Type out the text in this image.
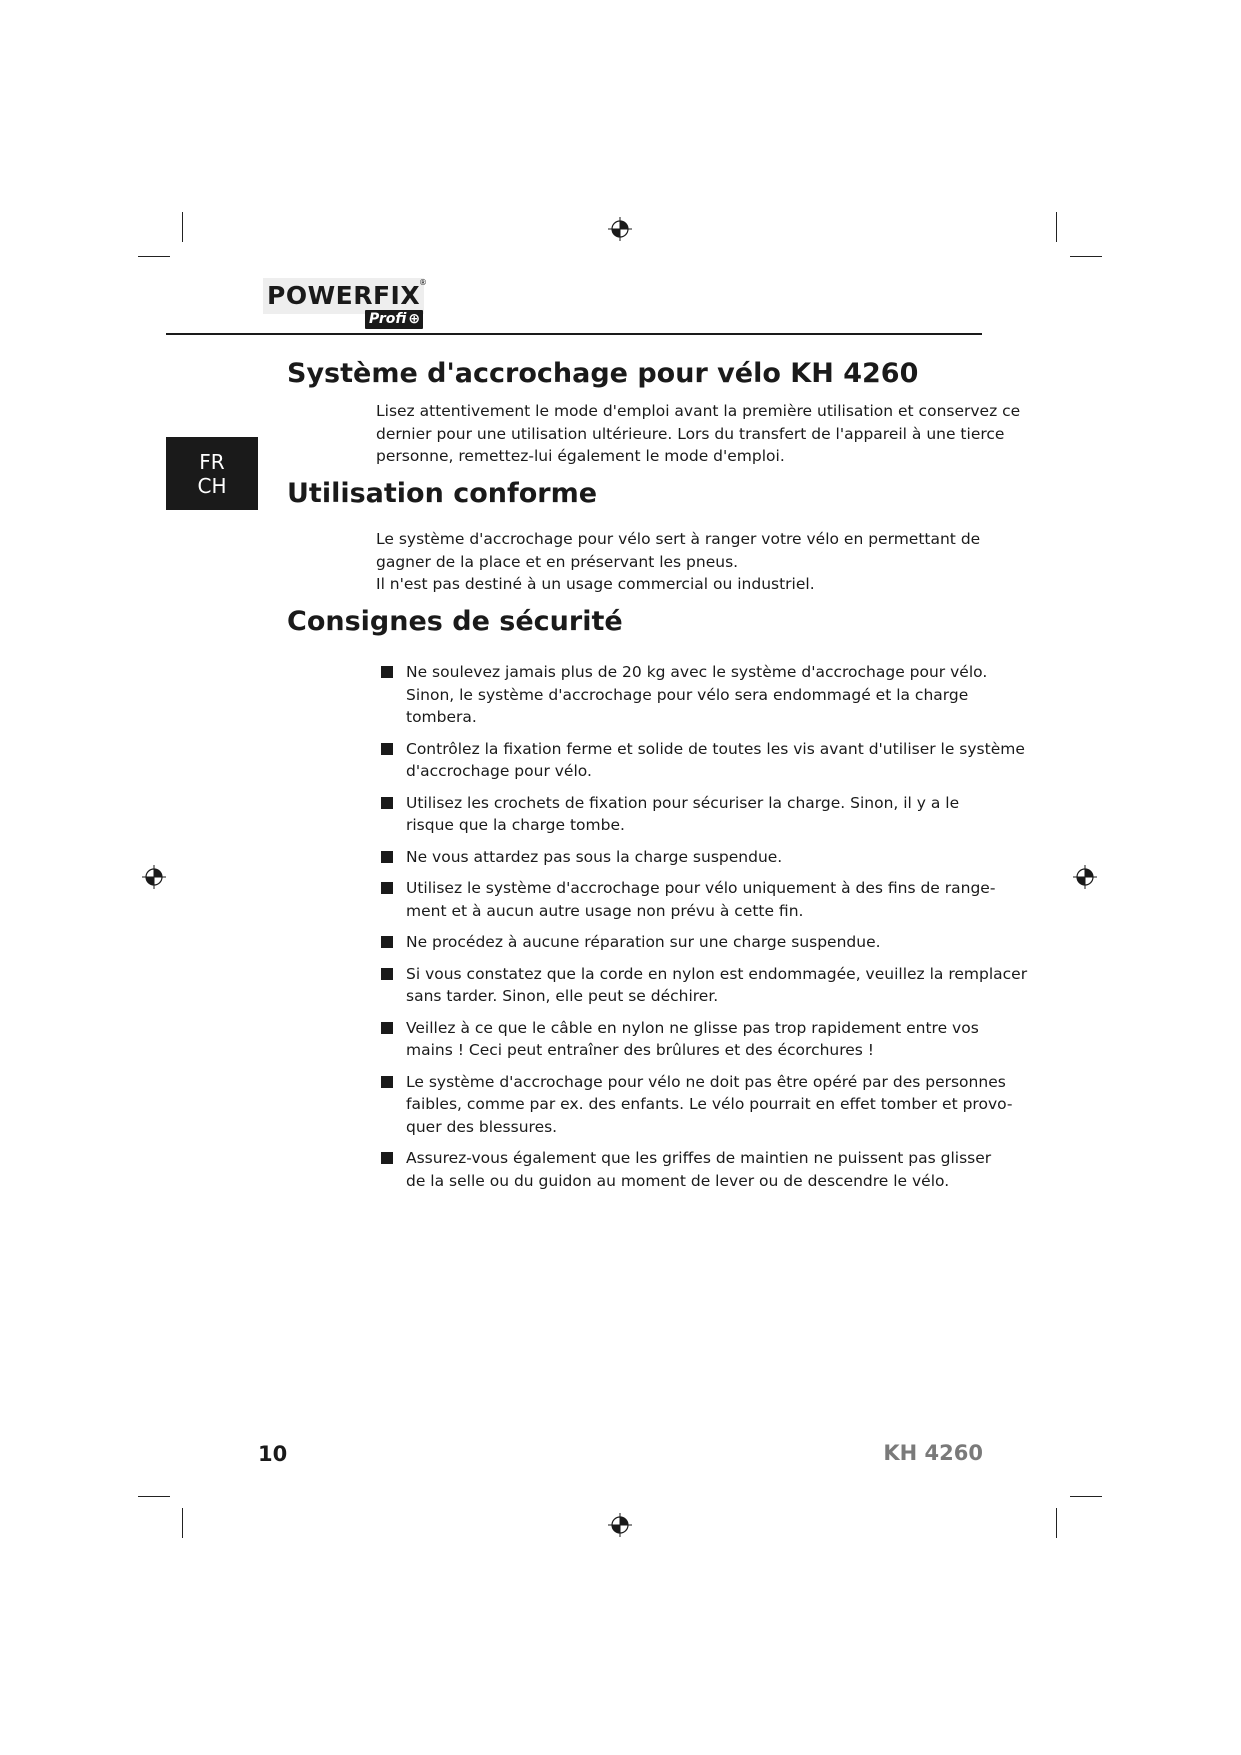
POWERFIX
®
Profi ⊕
FR
CH
Système d'accrochage pour vélo KH 4260
Lisez attentivement le mode d'emploi avant la première utilisation et conservez ce
dernier pour une utilisation ultérieure. Lors du transfert de l'appareil à une tierce
personne, remettez-lui également le mode d'emploi.
Utilisation conforme
Le système d'accrochage pour vélo sert à ranger votre vélo en permettant de
gagner de la place et en préservant les pneus.
Il n'est pas destiné à un usage commercial ou industriel.
Consignes de sécurité
Ne soulevez jamais plus de 20 kg avec le système d'accrochage pour vélo.
Sinon, le système d'accrochage pour vélo sera endommagé et la charge
tombera.
Contrôlez la fixation ferme et solide de toutes les vis avant d'utiliser le système
d'accrochage pour vélo.
Utilisez les crochets de fixation pour sécuriser la charge. Sinon, il y a le
risque que la charge tombe.
Ne vous attardez pas sous la charge suspendue.
Utilisez le système d'accrochage pour vélo uniquement à des fins de range-
ment et à aucun autre usage non prévu à cette fin.
Ne procédez à aucune réparation sur une charge suspendue.
Si vous constatez que la corde en nylon est endommagée, veuillez la remplacer
sans tarder. Sinon, elle peut se déchirer.
Veillez à ce que le câble en nylon ne glisse pas trop rapidement entre vos
mains ! Ceci peut entraîner des brûlures et des écorchures !
Le système d'accrochage pour vélo ne doit pas être opéré par des personnes
faibles, comme par ex. des enfants. Le vélo pourrait en effet tomber et provo-
quer des blessures.
Assurez-vous également que les griffes de maintien ne puissent pas glisser
de la selle ou du guidon au moment de lever ou de descendre le vélo.
10	KH 4260
